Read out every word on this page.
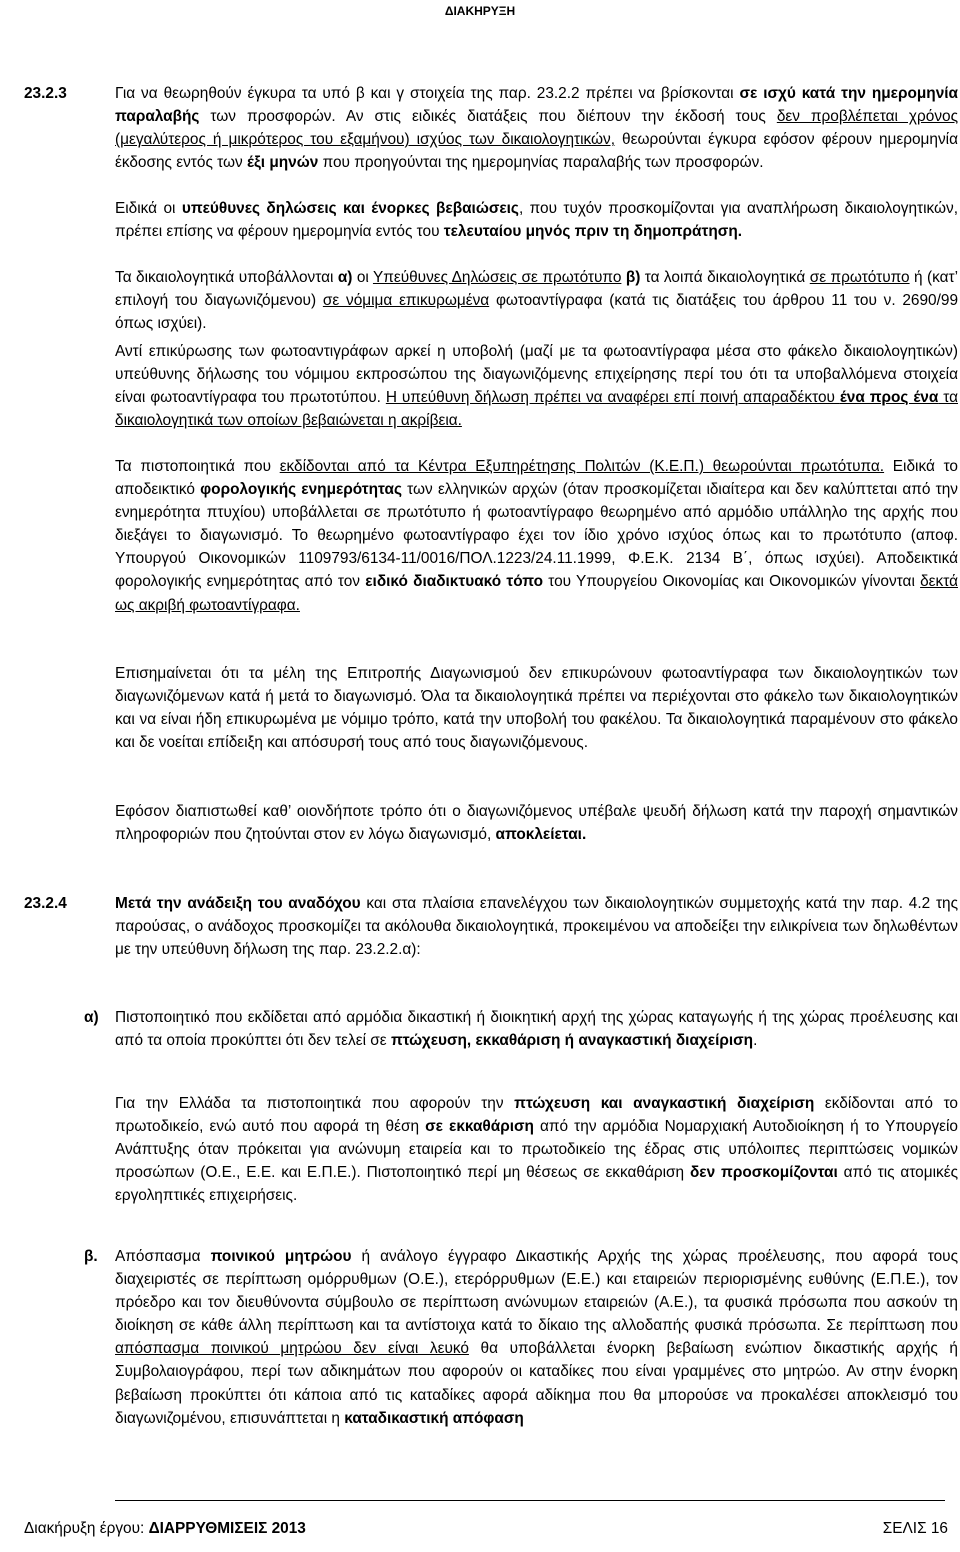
ΔΙΑΚΗΡΥΞΗ
23.2.3	Για να θεωρηθούν έγκυρα τα υπό β και γ στοιχεία της παρ. 23.2.2 πρέπει να βρίσκονται σε ισχύ κατά την ημερομηνία παραλαβής των προσφορών. Αν στις ειδικές διατάξεις που διέπουν την έκδοσή τους δεν προβλέπεται χρόνος (μεγαλύτερος ή μικρότερος του εξαμήνου) ισχύος των δικαιολογητικών, θεωρούνται έγκυρα εφόσον φέρουν ημερομηνία έκδοσης εντός των έξι μηνών που προηγούνται της ημερομηνίας παραλαβής των προσφορών.
Ειδικά οι υπεύθυνες δηλώσεις και ένορκες βεβαιώσεις, που τυχόν προσκομίζονται για αναπλήρωση δικαιολογητικών, πρέπει επίσης να φέρουν ημερομηνία εντός του τελευταίου μηνός πριν τη δημοπράτηση.
Τα δικαιολογητικά υποβάλλονται α) οι Υπεύθυνες Δηλώσεις σε πρωτότυπο β) τα λοιπά δικαιολογητικά σε πρωτότυπο ή (κατ’ επιλογή του διαγωνιζόμενου) σε νόμιμα επικυρωμένα φωτοαντίγραφα (κατά τις διατάξεις του άρθρου 11 του ν. 2690/99 όπως ισχύει).
Αντί επικύρωσης των φωτοαντιγράφων αρκεί η υποβολή (μαζί με τα φωτοαντίγραφα μέσα στο φάκελο δικαιολογητικών) υπεύθυνης δήλωσης του νόμιμου εκπροσώπου της διαγωνιζόμενης επιχείρησης περί του ότι τα υποβαλλόμενα στοιχεία είναι φωτοαντίγραφα του πρωτοτύπου. Η υπεύθυνη δήλωση πρέπει να αναφέρει επί ποινή απαραδέκτου ένα προς ένα τα δικαιολογητικά των οποίων βεβαιώνεται η ακρίβεια.
Τα πιστοποιητικά που εκδίδονται από τα Κέντρα Εξυπηρέτησης Πολιτών (Κ.Ε.Π.) θεωρούνται πρωτότυπα. Ειδικά το αποδεικτικό φορολογικής ενημερότητας των ελληνικών αρχών (όταν προσκομίζεται ιδιαίτερα και δεν καλύπτεται από την ενημερότητα πτυχίου) υποβάλλεται σε πρωτότυπο ή φωτοαντίγραφο θεωρημένο από αρμόδιο υπάλληλο της αρχής που διεξάγει το διαγωνισμό. Το θεωρημένο φωτοαντίγραφο έχει τον ίδιο χρόνο ισχύος όπως και το πρωτότυπο (αποφ. Υπουργού Οικονομικών 1109793/6134-11/0016/ΠΟΛ.1223/24.11.1999, Φ.Ε.Κ. 2134 Β΄, όπως ισχύει). Αποδεικτικά φορολογικής ενημερότητας από τον ειδικό διαδικτυακό τόπο του Υπουργείου Οικονομίας και Οικονομικών γίνονται δεκτά ως ακριβή φωτοαντίγραφα.
Επισημαίνεται ότι τα μέλη της Επιτροπής Διαγωνισμού δεν επικυρώνουν φωτοαντίγραφα των δικαιολογητικών των διαγωνιζόμενων κατά ή μετά το διαγωνισμό. Όλα τα δικαιολογητικά πρέπει να περιέχονται στο φάκελο των δικαιολογητικών και να είναι ήδη επικυρωμένα με νόμιμο τρόπο, κατά την υποβολή του φακέλου. Τα δικαιολογητικά παραμένουν στο φάκελο και δε νοείται επίδειξη και απόσυρσή τους από τους διαγωνιζόμενους.
Εφόσον διαπιστωθεί καθ’ οιονδήποτε τρόπο ότι ο διαγωνιζόμενος υπέβαλε ψευδή δήλωση κατά την παροχή σημαντικών πληροφοριών που ζητούνται στον εν λόγω διαγωνισμό, αποκλείεται.
23.2.4	Μετά την ανάδειξη του αναδόχου και στα πλαίσια επανελέγχου των δικαιολογητικών συμμετοχής κατά την παρ. 4.2 της παρούσας, ο ανάδοχος προσκομίζει τα ακόλουθα δικαιολογητικά, προκειμένου να αποδείξει την ειλικρίνεια των δηλωθέντων με την υπεύθυνη δήλωση της παρ. 23.2.2.α):
α) Πιστοποιητικό που εκδίδεται από αρμόδια δικαστική ή διοικητική αρχή της χώρας καταγωγής ή της χώρας προέλευσης και από τα οποία προκύπτει ότι δεν τελεί σε πτώχευση, εκκαθάριση ή αναγκαστική διαχείριση.
Για την Ελλάδα τα πιστοποιητικά που αφορούν την πτώχευση και αναγκαστική διαχείριση εκδίδονται από το πρωτοδικείο, ενώ αυτό που αφορά τη θέση σε εκκαθάριση από την αρμόδια Νομαρχιακή Αυτοδιοίκηση ή το Υπουργείο Ανάπτυξης όταν πρόκειται για ανώνυμη εταιρεία και το πρωτοδικείο της έδρας στις υπόλοιπες περιπτώσεις νομικών προσώπων (Ο.Ε., Ε.Ε. και Ε.Π.Ε.). Πιστοποιητικό περί μη θέσεως σε εκκαθάριση δεν προσκομίζονται από τις ατομικές εργοληπτικές επιχειρήσεις.
β. Απόσπασμα ποινικού μητρώου ή ανάλογο έγγραφο Δικαστικής Αρχής της χώρας προέλευσης, που αφορά τους διαχειριστές σε περίπτωση ομόρρυθμων (Ο.Ε.), ετερόρρυθμων (Ε.Ε.) και εταιρειών περιορισμένης ευθύνης (Ε.Π.Ε.), τον πρόεδρο και τον διευθύνοντα σύμβουλο σε περίπτωση ανώνυμων εταιρειών (Α.Ε.), τα φυσικά πρόσωπα που ασκούν τη διοίκηση σε κάθε άλλη περίπτωση και τα αντίστοιχα κατά το δίκαιο της αλλοδαπής φυσικά πρόσωπα. Σε περίπτωση που απόσπασμα ποινικού μητρώου δεν είναι λευκό θα υποβάλλεται ένορκη βεβαίωση ενώπιον δικαστικής αρχής ή Συμβολαιογράφου, περί των αδικημάτων που αφορούν οι καταδίκες που είναι γραμμένες στο μητρώο. Αν στην ένορκη βεβαίωση προκύπτει ότι κάποια από τις καταδίκες αφορά αδίκημα που θα μπορούσε να προκαλέσει αποκλεισμό του διαγωνιζομένου, επισυνάπτεται η καταδικαστική απόφαση
Διακήρυξη έργου: ΔΙΑΡΡΥΘΜΙΣΕΙΣ 2013	ΣΕΛΙΣ 16
